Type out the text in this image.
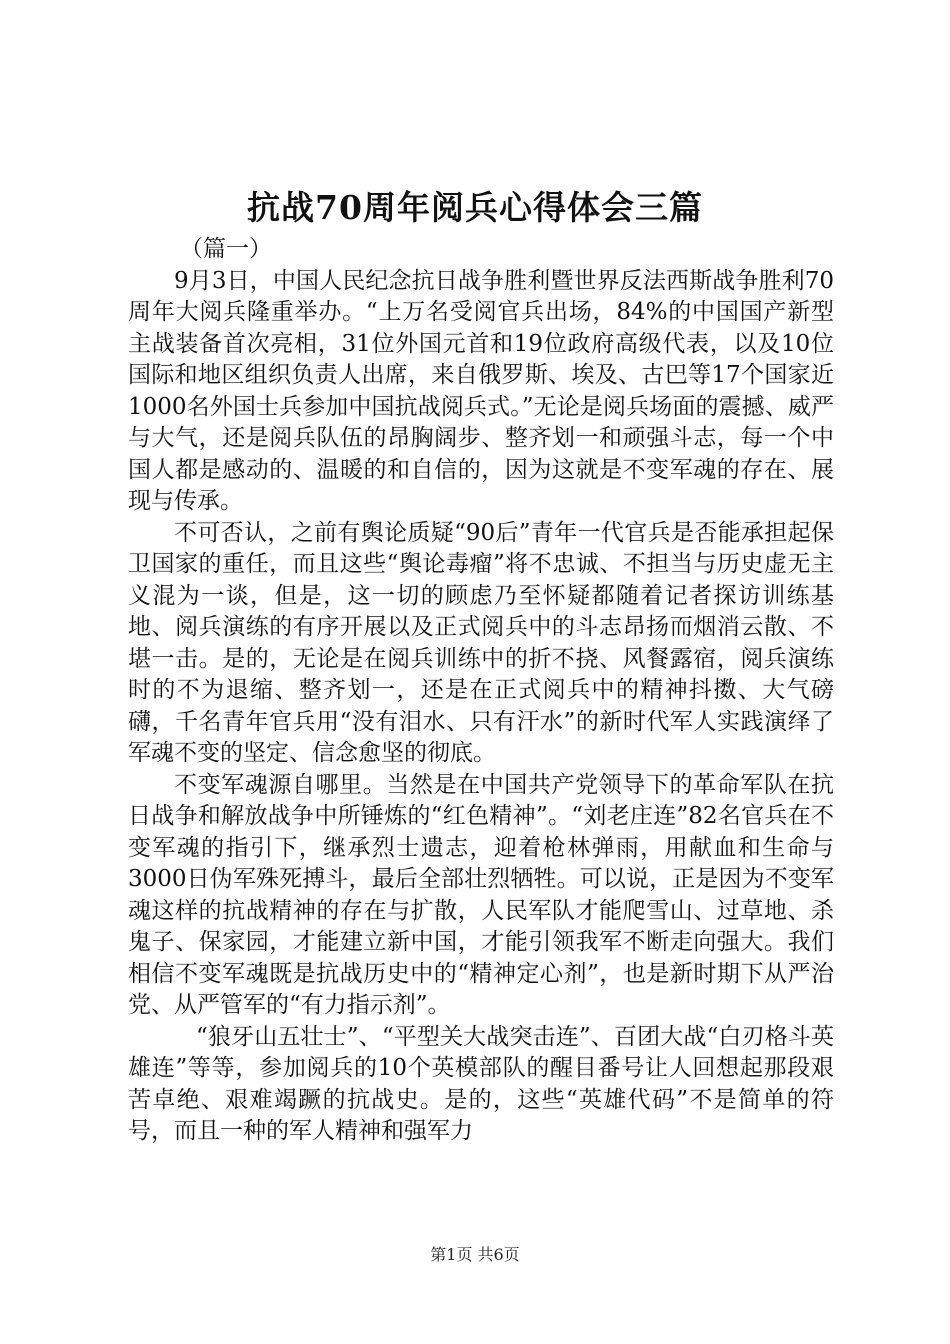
抗战70周年阅兵心得体会三篇

（篇一）

9月3日，中国人民纪念抗日战争胜利暨世界反法西斯战争胜利70周年大阅兵隆重举办。“上万名受阅官兵出场，84%的中国国产新型主战装备首次亮相，31位外国元首和19位政府高级代表，以及10位国际和地区组织负责人出席，来自俄罗斯、埃及、古巴等17个国家近1000名外国士兵参加中国抗战阅兵式。”无论是阅兵场面的震撼、威严与大气，还是阅兵队伍的昂胸阔步、整齐划一和顽强斗志，每一个中国人都是感动的、温暖的和自信的，因为这就是不变军魂的存在、展现与传承。

不可否认，之前有舆论质疑“90后”青年一代官兵是否能承担起保卫国家的重任，而且这些“舆论毒瘤”将不忠诚、不担当与历史虚无主义混为一谈，但是，这一切的顾虑乃至怀疑都随着记者探访训练基地、阅兵演练的有序开展以及正式阅兵中的斗志昂扬而烟消云散、不堪一击。是的，无论是在阅兵训练中的折不挠、风餐露宿，阅兵演练时的不为退缩、整齐划一，还是在正式阅兵中的精神抖擞、大气磅礴，千名青年官兵用“没有泪水、只有汗水”的新时代军人实践演绎了军魂不变的坚定、信念愈坚的彻底。

不变军魂源自哪里。当然是在中国共产党领导下的革命军队在抗日战争和解放战争中所锤炼的“红色精神”。“刘老庄连”82名官兵在不变军魂的指引下，继承烈士遗志，迎着枪林弹雨，用献血和生命与3000日伪军殊死搏斗，最后全部壮烈牺牲。可以说，正是因为不变军魂这样的抗战精神的存在与扩散，人民军队才能爬雪山、过草地、杀鬼子、保家园，才能建立新中国，才能引领我军不断走向强大。我们相信不变军魂既是抗战历史中的“精神定心剂”，也是新时期下从严治党、从严管军的“有力指示剂”。

“狼牙山五壮士”、“平型关大战突击连”、百团大战“白刃格斗英雄连”等等，参加阅兵的10个英模部队的醒目番号让人回想起那段艰苦卓绝、艰难竭蹶的抗战史。是的，这些“英雄代码”不是简单的符号，而且一种的军人精神和强军力

第1页 共6页
